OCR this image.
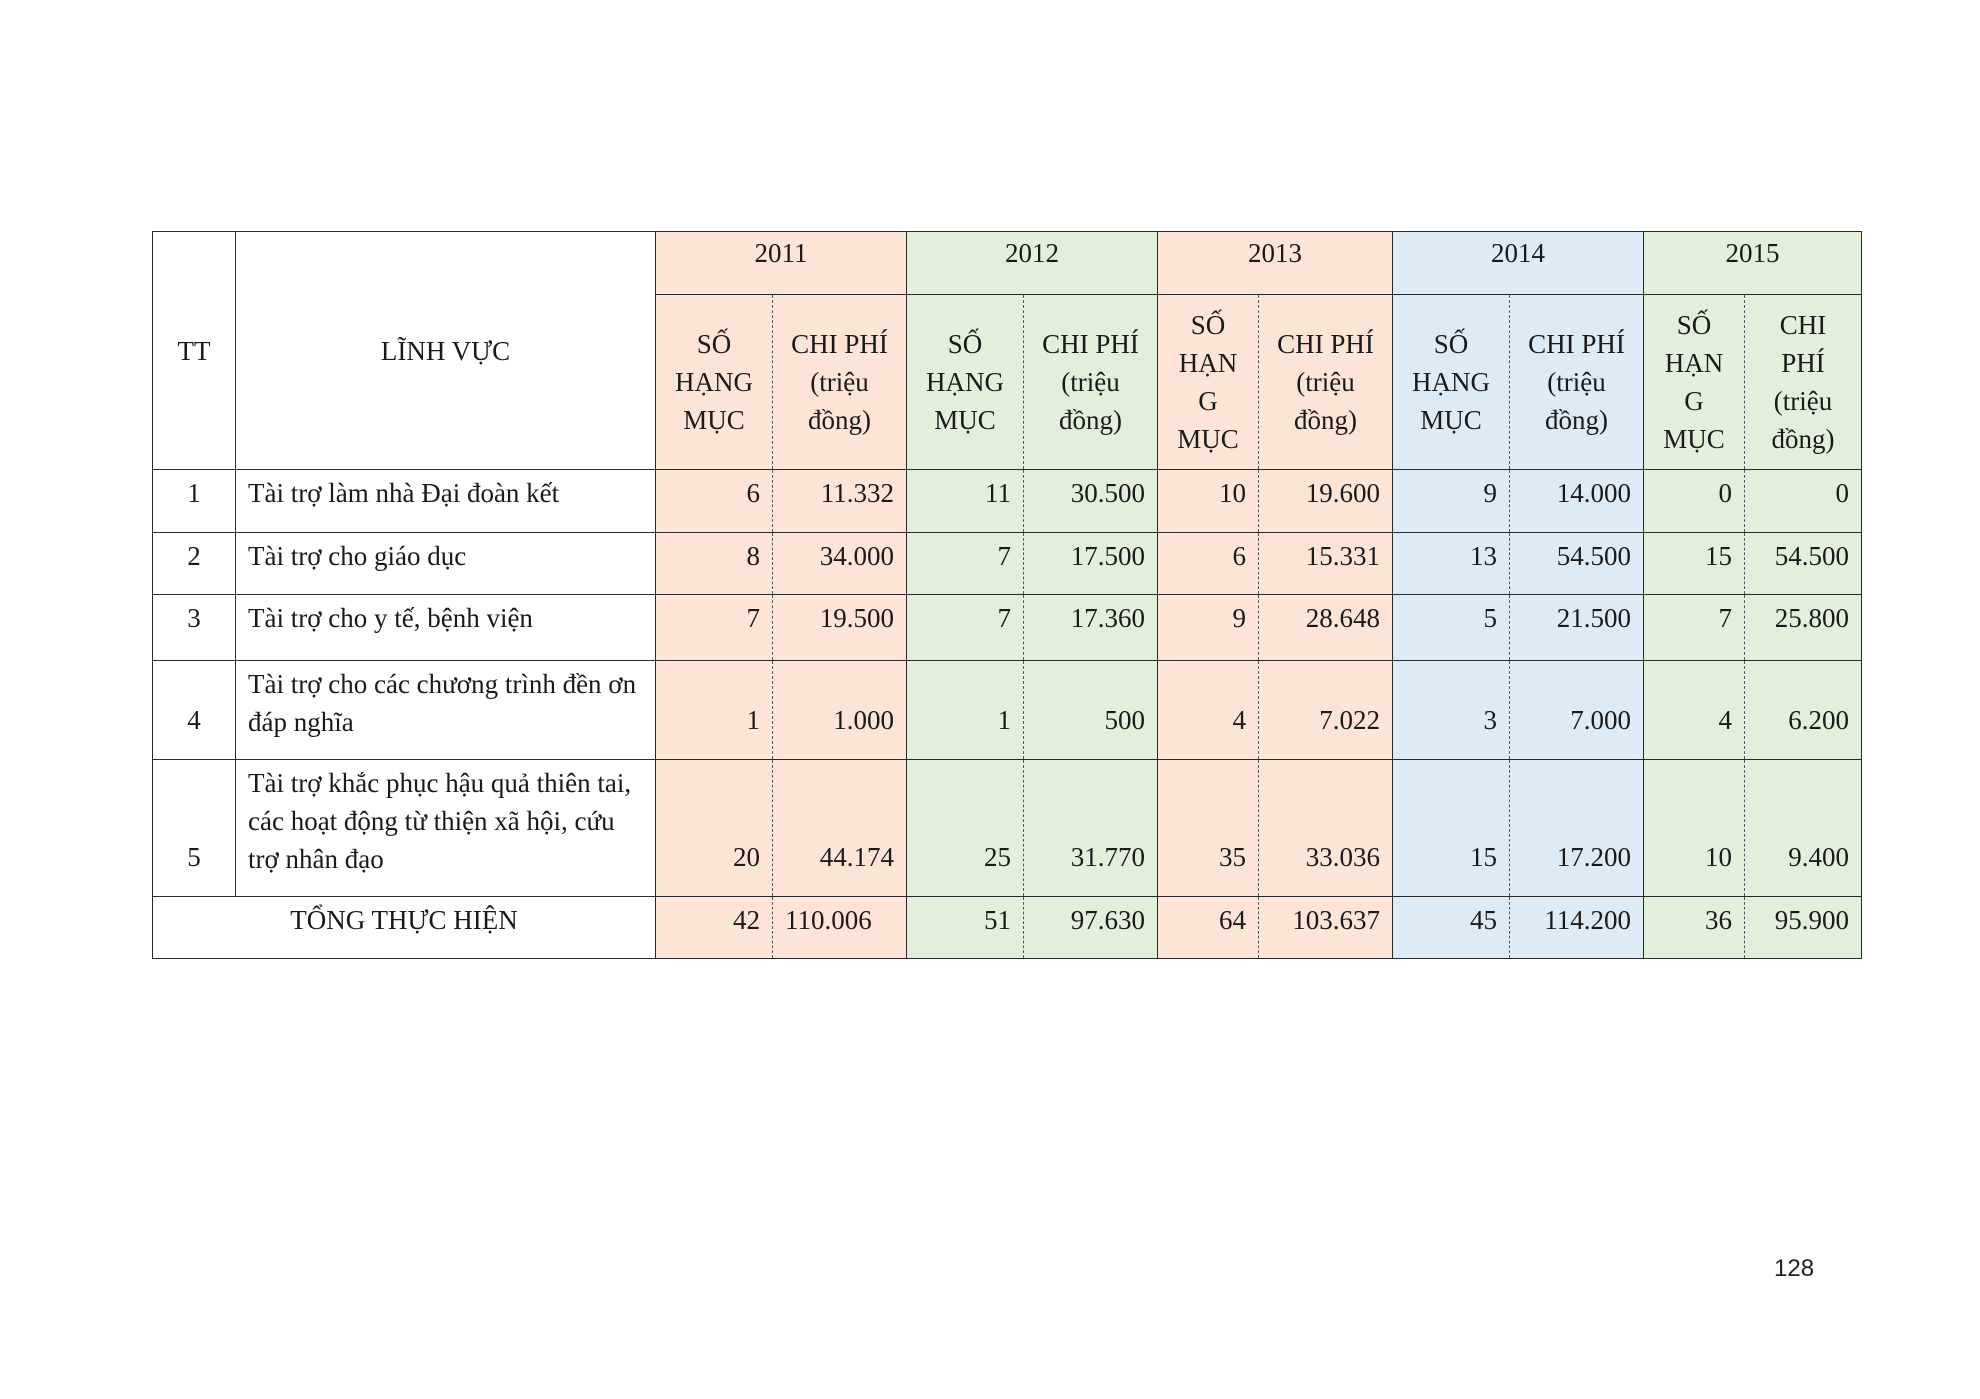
TT	LĨNH VỰC	2011		2012		2013		2014		2015	

		SỐ
HẠNG
MỤC	CHI PHÍ
(triệu
đồng)	SỐ
HẠNG
MỤC	CHI PHÍ
(triệu
đồng)	SỐ
HẠN
G
MỤC	CHI PHÍ
(triệu
đồng)	SỐ
HẠNG
MỤC	CHI PHÍ
(triệu
đồng)	SỐ
HẠN
G
MỤC	CHI
PHÍ
(triệu
đồng)

1	Tài trợ làm nhà Đại đoàn kết	6	11.332	11	30.500	10	19.600	9	14.000	0	0
2	Tài trợ cho giáo dục	8	34.000	7	17.500	6	15.331	13	54.500	15	54.500
3	Tài trợ cho y tế, bệnh viện	7	19.500	7	17.360	9	28.648	5	21.500	7	25.800
4	Tài trợ cho các chương trình đền ơn đáp nghĩa	1	1.000	1	500	4	7.022	3	7.000	4	6.200
5	Tài trợ khắc phục hậu quả thiên tai, các hoạt động từ thiện xã hội, cứu trợ nhân đạo	20	44.174	25	31.770	35	33.036	15	17.200	10	9.400
TỔNG THỰC HIỆN		42	110.006	51	97.630	64	103.637	45	114.200	36	95.900
128
